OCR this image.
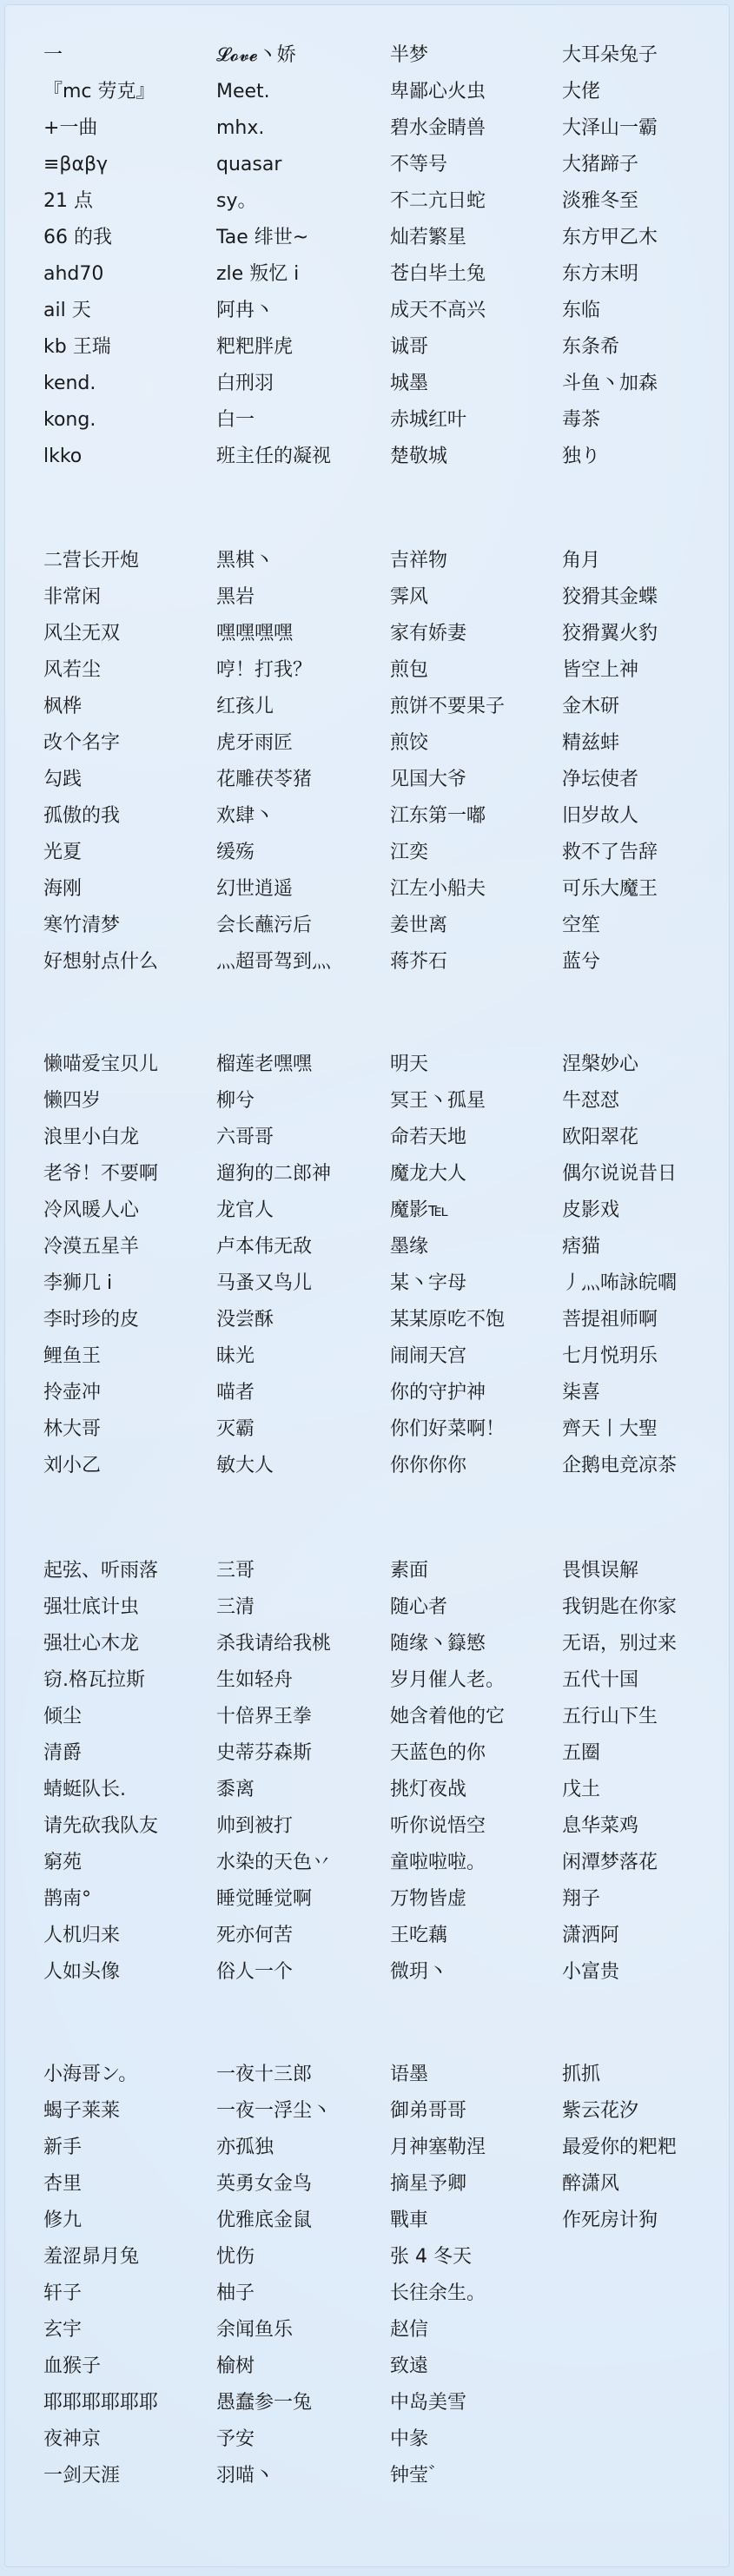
一	𝓛𝓸𝓿𝓮丶娇	半梦	大耳朵兔子
『mc 劳克』	Meet.	卑鄙心火虫	大佬
+一曲	mhx.	碧水金睛兽	大泽山一霸
≡βαβγ	quasar	不等号	大猪蹄子
21 点	sy。	不二亢日蛇	淡雅冬至
66 的我	Tae 绯世~	灿若繁星	东方甲乙木
ahd70	zle 叛忆 i	苍白毕土兔	东方末明
ail 天	阿冉丶	成天不高兴	东临
kb 王瑞	粑粑胖虎	诚哥	东条希
kend.	白刑羽	城墨	斗鱼丶加森
kong.	白一	赤城红叶	毒茶
lkko	班主任的凝视	楚敬城	独り
二营长开炮	黑棋丶	吉祥物	角月
非常闲	黑岩	霁风	狡猾其金蝶
风尘无双	嘿嘿嘿嘿	家有娇妻	狡猾翼火豹
风若尘	哼！打我？	煎包	皆空上神
枫桦	红孩儿	煎饼不要果子	金木研
改个名字	虎牙雨匠	煎饺	精兹蚌
勾践	花雕茯苓猪	见国大爷	净坛使者
孤傲的我	欢肆丶	江东第一嘟	旧岁故人
光夏	缓殇	江奕	救不了告辞
海刚	幻世逍遥	江左小船夫	可乐大魔王
寒竹清梦	会长蘸污后	姜世离	空笙
好想射点什么	灬超哥驾到灬	蒋芥石	蓝兮
懒喵爱宝贝儿	榴莲老嘿嘿	明天	涅槃妙心
懒四岁	柳兮	冥王丶孤星	牛怼怼
浪里小白龙	六哥哥	命若天地	欧阳翠花
老爷！不要啊	遛狗的二郎神	魔龙大人	偶尔说说昔日
冷风暖人心	龙官人	魔影℡	皮影戏
冷漠五星羊	卢本伟无敌	墨缘	痞猫
李狮几 i	马蚤又鸟儿	某丶字母	丿灬咘詠皖嚪
李时珍的皮	没尝酥	某某原吃不饱	菩提祖师啊
鲤鱼王	昧光	闹闹天宫	七月悦玥乐
拎壶冲	喵者	你的守护神	柒喜
林大哥	灭霸	你们好菜啊！	齊天丨大聖
刘小乙	敏大人	你你你你	企鹅电竞凉茶
起弦、听雨落	三哥	素面	畏惧误解
强壮底计虫	三清	随心者	我钥匙在你家
强壮心木龙	杀我请给我桃	随缘丶籙慜	无语，别过来
窃.格瓦拉斯	生如轻舟	岁月催人老。	五代十国
倾尘	十倍界王拳	她含着他的它	五行山下生
清爵	史蒂芬森斯	天蓝色的你	五圈
蜻蜓队长.	黍离	挑灯夜战	戊土
请先砍我队友	帅到被打	听你说悟空	息华菜鸡
窮苑	水染的天色丷	童啦啦啦。	闲潭梦落花
鹊南°	睡觉睡觉啊	万物皆虚	翔子
人机归来	死亦何苦	王吃藕	潇洒阿
人如头像	俗人一个	微玥丶	小富贵
小海哥ン。	一夜十三郎	语墨	抓抓
蝎子莱莱	一夜一浮尘丶	御弟哥哥	紫云花汐
新手	亦孤独	月神塞勒涅	最爱你的粑粑
杏里	英勇女金鸟	摘星予卿	醉潇风
修九	优雅底金鼠	戰車	作死房计狗
羞涩昴月兔	忧伤	张 4 冬天
轩子	柚子	长往余生。
玄宇	余闻鱼乐	赵信
血猴子	榆树	致遠
耶耶耶耶耶耶	愚蠢参一兔	中岛美雪
夜神京	予安	中彖
一剑天涯	羽喵丶	钟莹゛
